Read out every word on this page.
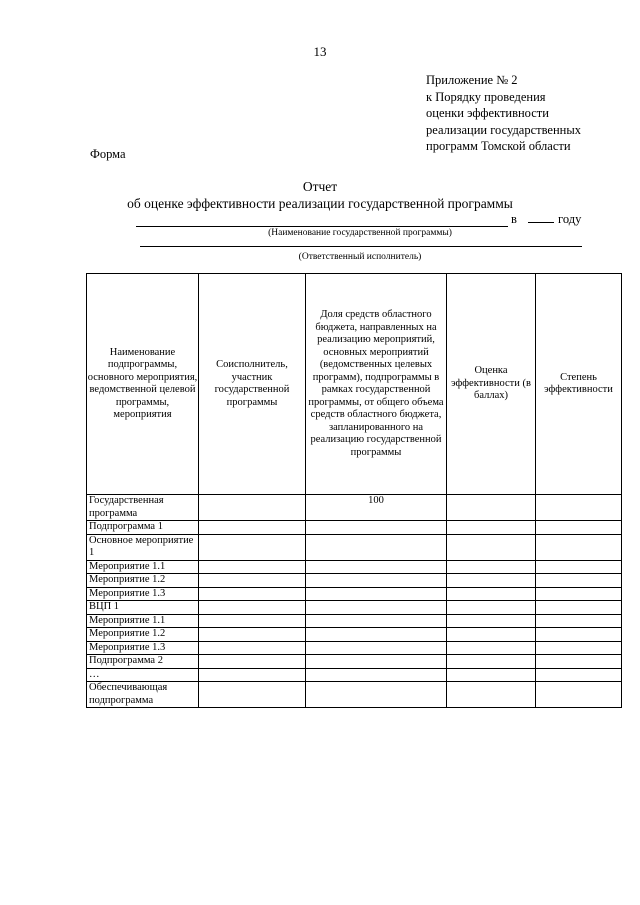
13
Приложение № 2
к Порядку проведения
оценки эффективности
реализации государственных
программ Томской области
Форма
Отчет
об оценке эффективности реализации государственной программы
в	году
(Наименование государственной программы)
(Ответственный исполнитель)
Наименование подпрограммы, основного мероприятия, ведомственной целевой программы, мероприятия	Соисполнитель, участник государственной программы	Доля средств областного бюджета, направленных на реализацию мероприятий, основных мероприятий (ведомственных целевых программ), подпрограммы в рамках государственной программы, от общего объема средств областного бюджета, запланированного на реализацию государственной программы	Оценка эффективности (в баллах)	Степень эффективности
Государственная программа		100		
Подпрограмма 1				
Основное мероприятие 1				
Мероприятие 1.1				
Мероприятие 1.2				
Мероприятие 1.3				
ВЦП 1				
Мероприятие 1.1				
Мероприятие 1.2				
Мероприятие 1.3				
Подпрограмма 2				
…				
Обеспечивающая подпрограмма				
